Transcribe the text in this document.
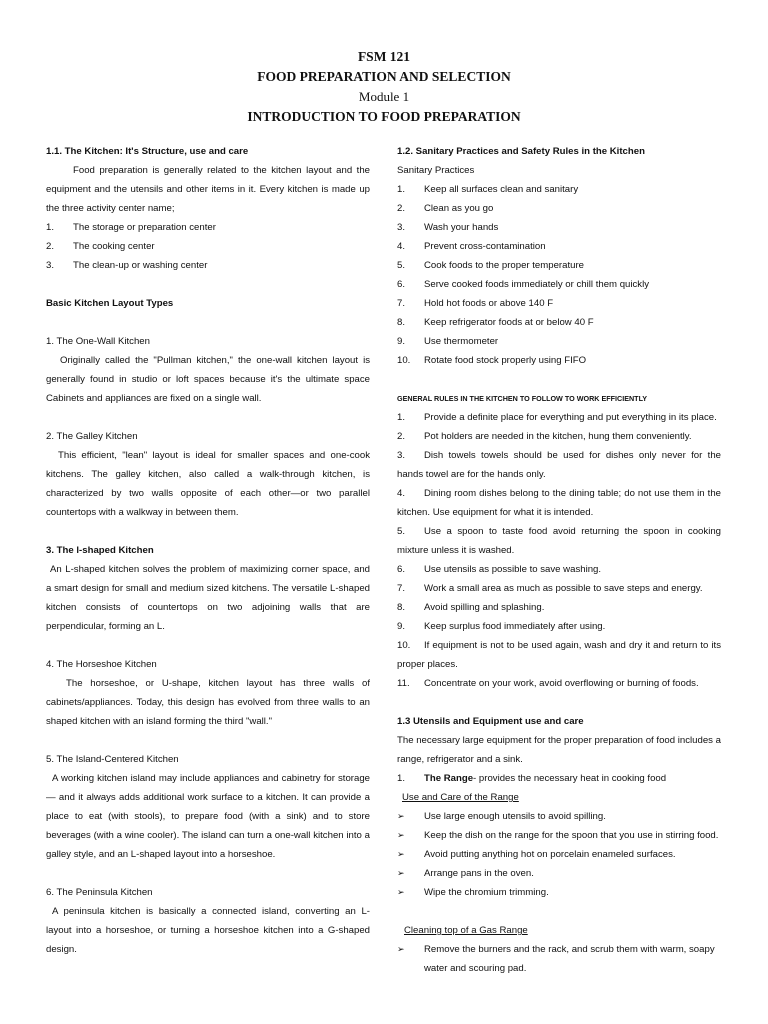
FSM 121
FOOD PREPARATION AND SELECTION
Module 1
INTRODUCTION TO FOOD PREPARATION
1.1. The Kitchen: It's Structure, use and care
Food preparation is generally related to the kitchen layout and the
equipment and the utensils and other items in it. Every kitchen is made up
the three activity center name;
1. The storage or preparation center
2. The cooking center
3. The clean-up or washing center
Basic Kitchen Layout Types
1. The One-Wall Kitchen
Originally called the "Pullman kitchen," the one-wall kitchen layout is
generally found in studio or loft spaces because it's the ultimate space
Cabinets and appliances are fixed on a single wall.
2. The Galley Kitchen
This efficient, "lean" layout is ideal for smaller spaces and one-cook
kitchens. The galley kitchen, also called a walk-through kitchen, is
characterized by two walls opposite of each other—or two parallel
countertops with a walkway in between them.
3. The l-shaped Kitchen
An L-shaped kitchen solves the problem of maximizing corner space, and
a smart design for small and medium sized kitchens. The versatile L-shaped
kitchen consists of countertops on two adjoining walls that are
perpendicular, forming an L.
4. The Horseshoe Kitchen
The horseshoe, or U-shape, kitchen layout has three walls of
cabinets/appliances. Today, this design has evolved from three walls to an
shaped kitchen with an island forming the third "wall."
5. The Island-Centered Kitchen
A working kitchen island may include appliances and cabinetry for storage
— and it always adds additional work surface to a kitchen. It can provide a
place to eat (with stools), to prepare food (with a sink) and to store
beverages (with a wine cooler). The island can turn a one-wall kitchen into a
galley style, and an L-shaped layout into a horseshoe.
6. The Peninsula Kitchen
A peninsula kitchen is basically a connected island, converting an L-
layout into a horseshoe, or turning a horseshoe kitchen into a G-shaped
design.
1.2. Sanitary Practices and Safety Rules in the Kitchen
Sanitary Practices
1. Keep all surfaces clean and sanitary
2. Clean as you go
3. Wash your hands
4. Prevent cross-contamination
5. Cook foods to the proper temperature
6. Serve cooked foods immediately or chill them quickly
7. Hold hot foods or above 140 F
8. Keep refrigerator foods at or below 40 F
9. Use thermometer
10. Rotate food stock properly using FIFO
GENERAL RULES IN THE KITCHEN TO FOLLOW TO WORK EFFICIENTLY
1. Provide a definite place for everything and put everything in its place.
2. Pot holders are needed in the kitchen, hung them conveniently.
3. Dish towels towels should be used for dishes only never for the
hands towel are for the hands only.
4. Dining room dishes belong to the dining table; do not use them in the
kitchen. Use equipment for what it is intended.
5. Use a spoon to taste food avoid returning the spoon in cooking
mixture unless it is washed.
6. Use utensils as possible to save washing.
7. Work a small area as much as possible to save steps and energy.
8. Avoid spilling and splashing.
9. Keep surplus food immediately after using.
10. If equipment is not to be used again, wash and dry it and return to its
proper places.
11. Concentrate on your work, avoid overflowing or burning of foods.
1.3 Utensils and Equipment use and care
The necessary large equipment for the proper preparation of food includes a
range, refrigerator and a sink.
1. The Range- provides the necessary heat in cooking food
Use and Care of the Range
➢ Use large enough utensils to avoid spilling.
➢ Keep the dish on the range for the spoon that you use in stirring food.
➢ Avoid putting anything hot on porcelain enameled surfaces.
➢ Arrange pans in the oven.
➢ Wipe the chromium trimming.
Cleaning top of a Gas Range
➢ Remove the burners and the rack, and scrub them with warm, soapy
water and scouring pad.
